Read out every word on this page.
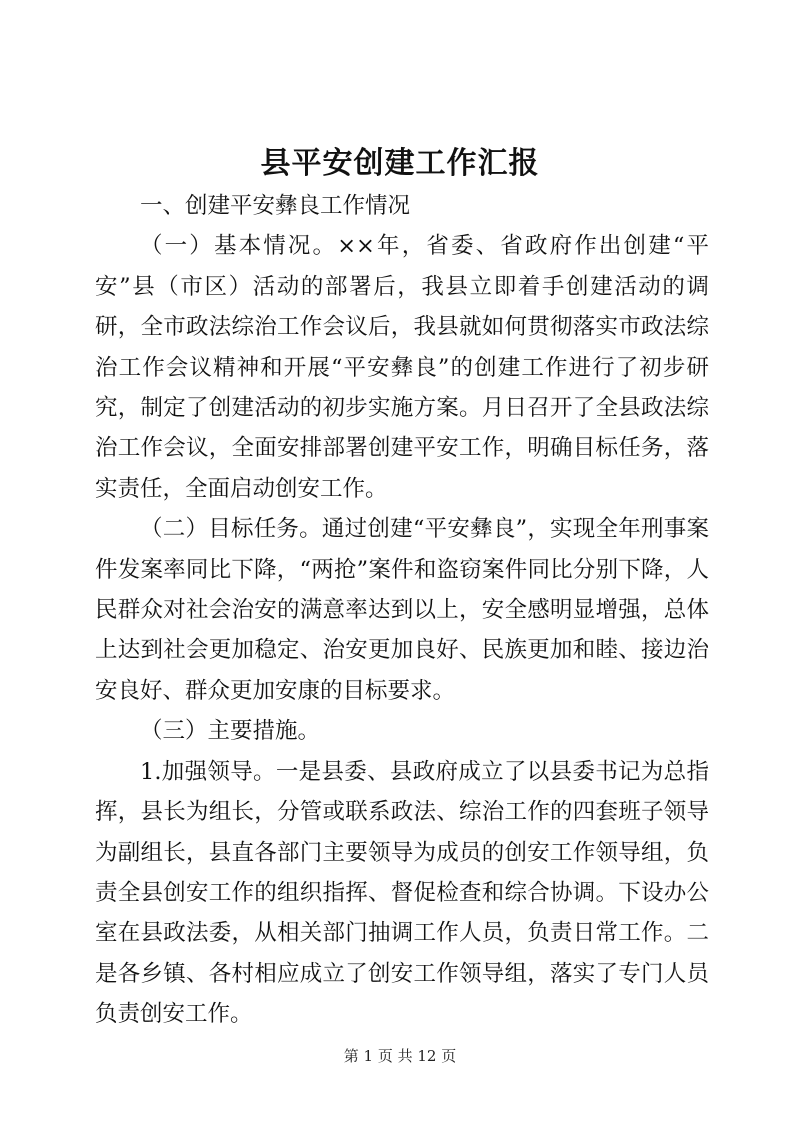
县平安创建工作汇报

一、创建平安彝良工作情况

（一）基本情况。××年，省委、省政府作出创建“平安”县（市区）活动的部署后，我县立即着手创建活动的调研，全市政法综治工作会议后，我县就如何贯彻落实市政法综治工作会议精神和开展“平安彝良”的创建工作进行了初步研究，制定了创建活动的初步实施方案。月日召开了全县政法综治工作会议，全面安排部署创建平安工作，明确目标任务，落实责任，全面启动创安工作。

（二）目标任务。通过创建“平安彝良”，实现全年刑事案件发案率同比下降，“两抢”案件和盗窃案件同比分别下降，人民群众对社会治安的满意率达到以上，安全感明显增强，总体上达到社会更加稳定、治安更加良好、民族更加和睦、接边治安良好、群众更加安康的目标要求。

（三）主要措施。

1.加强领导。一是县委、县政府成立了以县委书记为总指挥，县长为组长，分管或联系政法、综治工作的四套班子领导为副组长，县直各部门主要领导为成员的创安工作领导组，负责全县创安工作的组织指挥、督促检查和综合协调。下设办公室在县政法委，从相关部门抽调工作人员，负责日常工作。二是各乡镇、各村相应成立了创安工作领导组，落实了专门人员负责创安工作。

第 1 页 共 12 页
